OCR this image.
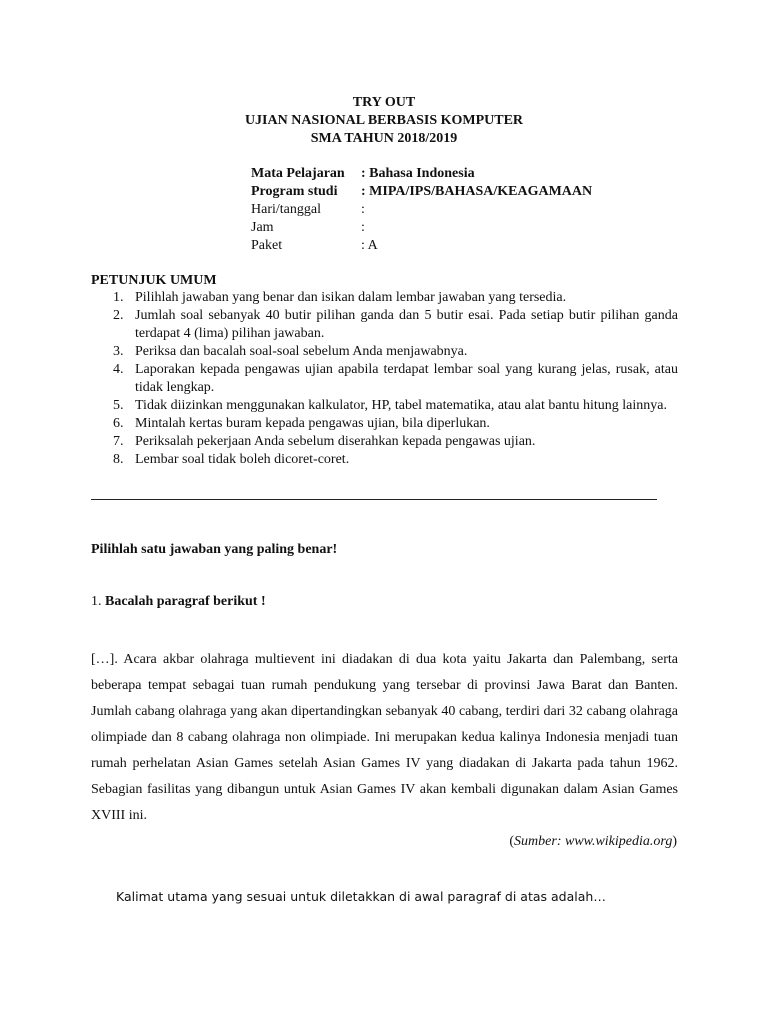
TRY OUT
UJIAN NASIONAL BERBASIS KOMPUTER
SMA TAHUN 2018/2019
Mata Pelajaran	: Bahasa Indonesia
Program studi	: MIPA/IPS/BAHASA/KEAGAMAAN
Hari/tanggal	:
Jam	:
Paket	: A
PETUNJUK UMUM
1. Pilihlah jawaban yang benar dan isikan dalam lembar jawaban yang tersedia.
2. Jumlah soal sebanyak 40 butir pilihan ganda dan 5 butir esai. Pada setiap butir pilihan ganda terdapat 4 (lima) pilihan jawaban.
3. Periksa dan bacalah soal-soal sebelum Anda menjawabnya.
4. Laporakan kepada pengawas ujian apabila terdapat lembar soal yang kurang jelas, rusak, atau tidak lengkap.
5. Tidak diizinkan menggunakan kalkulator, HP, tabel matematika, atau alat bantu hitung lainnya.
6. Mintalah kertas buram kepada pengawas ujian, bila diperlukan.
7. Periksalah pekerjaan Anda sebelum diserahkan kepada pengawas ujian.
8. Lembar soal tidak boleh dicoret-coret.
Pilihlah satu jawaban yang paling benar!
1. Bacalah paragraf berikut !

[…]. Acara akbar olahraga multievent ini diadakan di dua kota yaitu Jakarta dan Palembang, serta beberapa tempat sebagai tuan rumah pendukung yang tersebar di provinsi Jawa Barat dan Banten. Jumlah cabang olahraga yang akan dipertandingkan sebanyak 40 cabang, terdiri dari 32 cabang olahraga olimpiade dan 8 cabang olahraga non olimpiade. Ini merupakan kedua kalinya Indonesia menjadi tuan rumah perhelatan Asian Games setelah Asian Games IV yang diadakan di Jakarta pada tahun 1962. Sebagian fasilitas yang dibangun untuk Asian Games IV akan kembali digunakan dalam Asian Games XVIII ini.

(Sumber: www.wikipedia.org)
Kalimat utama yang sesuai untuk diletakkan di awal paragraf di atas adalah…
